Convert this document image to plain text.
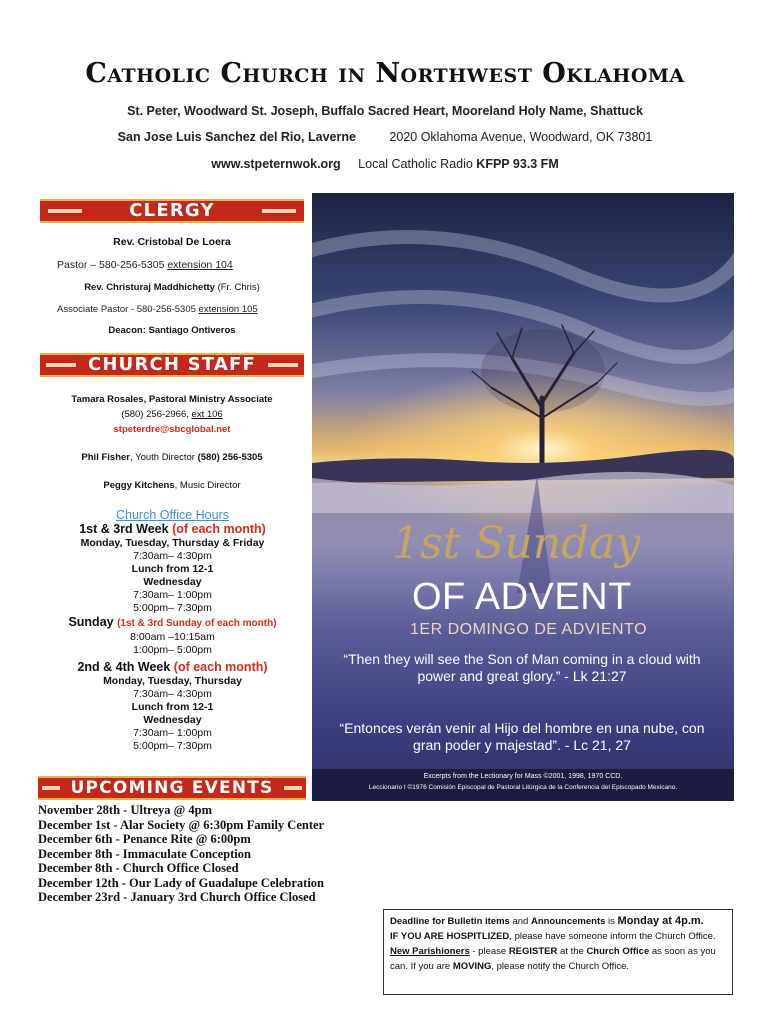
Catholic Church in Northwest Oklahoma
St. Peter, Woodward St. Joseph, Buffalo Sacred Heart, Mooreland Holy Name, Shattuck
San Jose Luis Sanchez del Rio, Laverne	2020 Oklahoma Avenue, Woodward, OK 73801
www.stpeternwok.org Local Catholic Radio KFPP 93.3 FM
CLERGY
Rev. Cristobal De Loera
Pastor – 580-256-5305 extension 104
Rev. Christuraj Maddhichetty (Fr. Chris)
Associate Pastor - 580-256-5305 extension 105
Deacon: Santiago Ontiveros
CHURCH STAFF
Tamara Rosales, Pastoral Ministry Associate
(580) 256-2966, ext 106
stpeterdre@sbcglobal.net
Phil Fisher, Youth Director (580) 256-5305
Peggy Kitchens, Music Director
Church Office Hours
1st & 3rd Week (of each month)
Monday, Tuesday, Thursday & Friday
7:30am– 4:30pm
Lunch from 12-1
Wednesday
7:30am– 1:00pm
5:00pm– 7:30pm
Sunday (1st & 3rd Sunday of each month)
8:00am –10:15am
1:00pm– 5:00pm
2nd & 4th Week (of each month)
Monday, Tuesday, Thursday
7:30am– 4:30pm
Lunch from 12-1
Wednesday
7:30am– 1:00pm
5:00pm– 7:30pm
UPCOMING EVENTS
November 28th - Ultreya @ 4pm
December 1st - Alar Society @ 6:30pm Family Center
December 6th - Penance Rite @ 6:00pm
December 8th - Immaculate Conception
December 8th - Church Office Closed
December 12th - Our Lady of Guadalupe Celebration
December 23rd - January 3rd Church Office Closed
1st Sunday
OF ADVENT
1ER DOMINGO DE ADVIENTO
“Then they will see the Son of Man coming in a cloud with power and great glory.” - Lk 21:27
“Entonces verán venir al Hijo del hombre en una nube, con gran poder y majestad”. - Lc 21, 27
Excerpts from the Lectionary for Mass ©2001, 1998, 1970 CCD.
Leccionario I ©1976 Comisión Episcopal de Pastoral Litúrgica de la Conferencia del Episcopado Mexicano.
Deadline for Bulletin items and Announcements is Monday at 4p.m.
IF YOU ARE HOSPITLIZED, please have someone inform the Church Office.
New Parishioners - please REGISTER at the Church Office as soon as you can. If you are MOVING, please notify the Church Office.
